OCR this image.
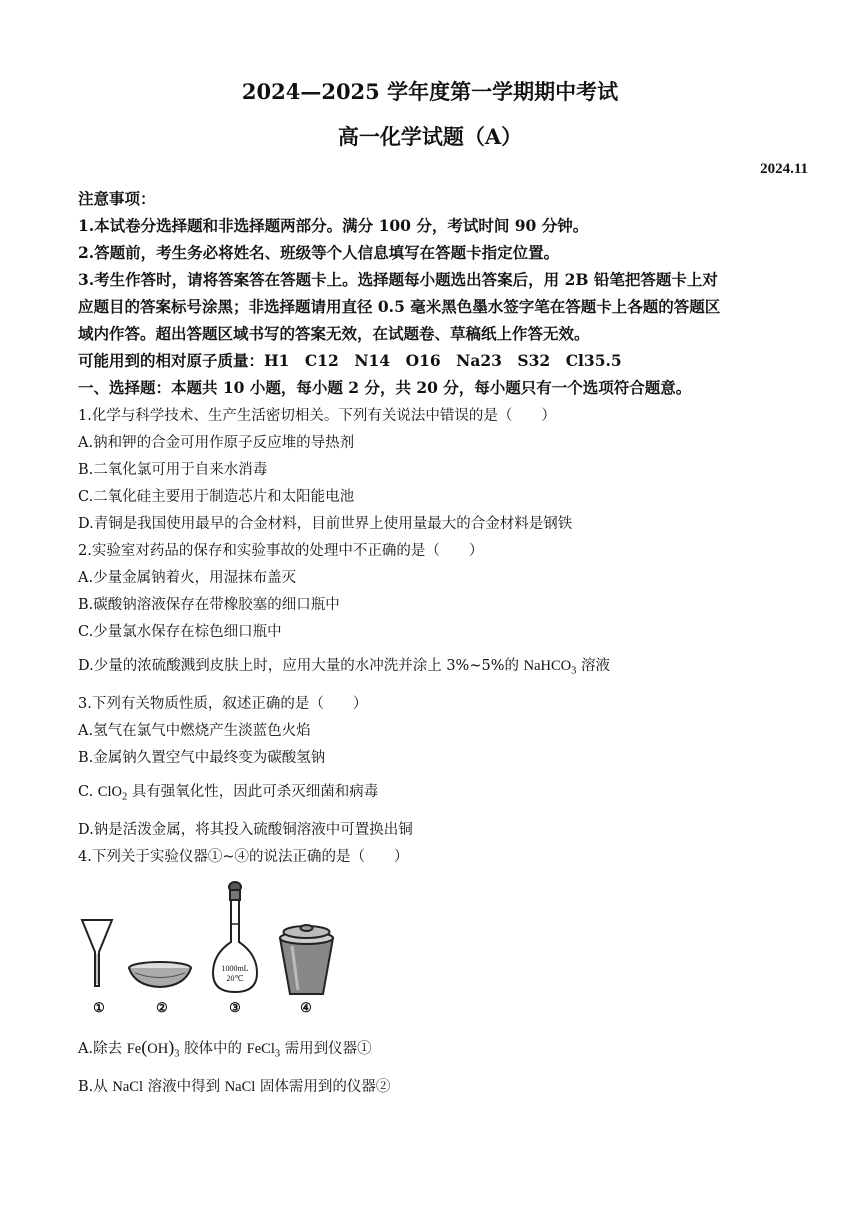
2024—2025 学年度第一学期期中考试
高一化学试题（A）
2024.11
注意事项：
1.本试卷分选择题和非选择题两部分。满分 100 分，考试时间 90 分钟。
2.答题前，考生务必将姓名、班级等个人信息填写在答题卡指定位置。
3.考生作答时，请将答案答在答题卡上。选择题每小题选出答案后，用 2B 铅笔把答题卡上对
应题目的答案标号涂黑；非选择题请用直径 0.5 毫米黑色墨水签字笔在答题卡上各题的答题区
域内作答。超出答题区域书写的答案无效，在试题卷、草稿纸上作答无效。
可能用到的相对原子质量：H1　C12　N14　O16　Na23　S32　Cl35.5
一、选择题：本题共 10 小题，每小题 2 分，共 20 分，每小题只有一个选项符合题意。
1.化学与科学技术、生产生活密切相关。下列有关说法中错误的是（　　）
A.钠和钾的合金可用作原子反应堆的导热剂
B.二氧化氯可用于自来水消毒
C.二氧化硅主要用于制造芯片和太阳能电池
D.青铜是我国使用最早的合金材料，目前世界上使用量最大的合金材料是钢铁
2.实验室对药品的保存和实验事故的处理中不正确的是（　　）
A.少量金属钠着火，用湿抹布盖灭
B.碳酸钠溶液保存在带橡胶塞的细口瓶中
C.少量氯水保存在棕色细口瓶中
D.少量的浓硫酸溅到皮肤上时，应用大量的水冲洗并涂上 3%~5%的 NaHCO$_3$ 溶液
3.下列有关物质性质，叙述正确的是（　　）
A.氢气在氯气中燃烧产生淡蓝色火焰
B.金属钠久置空气中最终变为碳酸氢钠
C. ClO$_2$ 具有强氧化性，因此可杀灭细菌和病毒
D.钠是活泼金属，将其投入硫酸铜溶液中可置换出铜
4.下列关于实验仪器①~④的说法正确的是（　　）
1000mL
20℃
①	②	③	④
A.除去 $Fe(OH)_3$ 胶体中的 FeCl$_3$ 需用到仪器①
B.从 NaCl 溶液中得到 NaCl 固体需用到的仪器②
